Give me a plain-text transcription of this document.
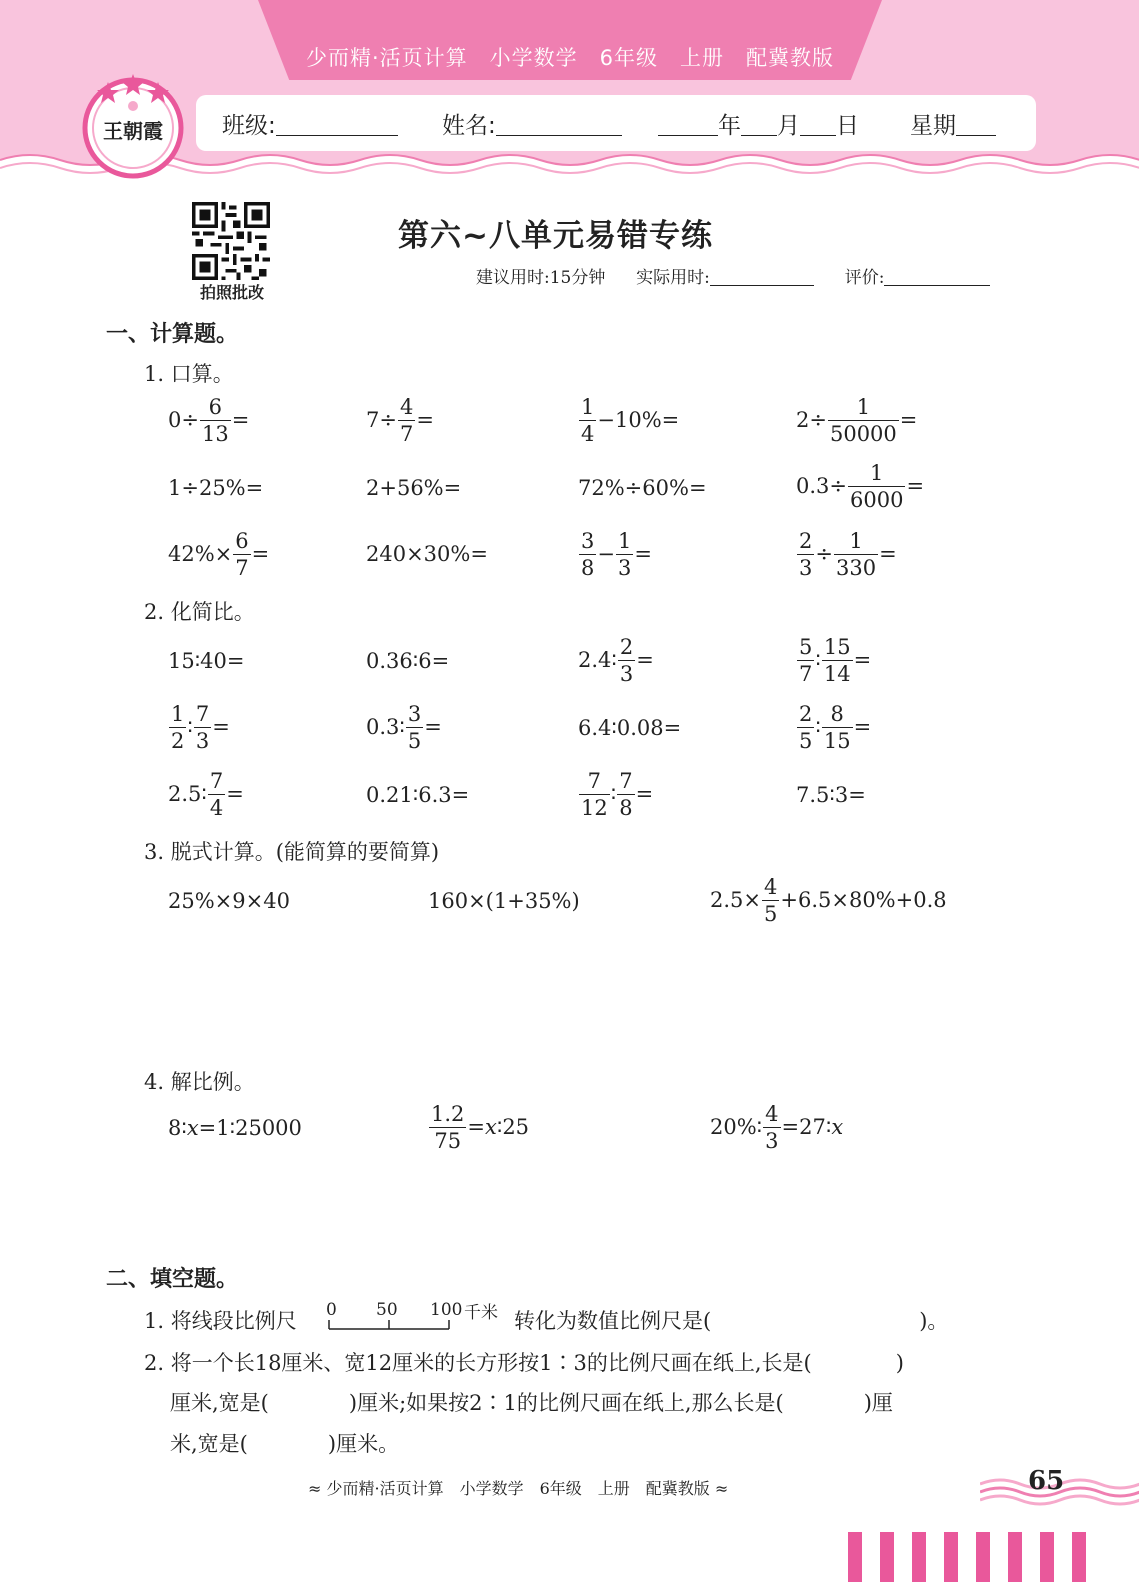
少而精·活页计算　小学数学　6年级　上册　配冀教版
班级:	姓名:	年 月 日 星期
王朝霞
拍照批改
第六~八单元易错专练
建议用时:15分钟 实际用时:	评价:
一、计算题。
1. 口算。
$0\div \frac{6}{13}$ =	$7\div \frac{4}{7}$ =	$\frac{1}{4} -10\%=$	$2\div \frac{1}{50000}$ =
1÷25%=	2+56%=	72%÷60%=	$0.3\div \frac{1}{6000}$ =
$42\%\times \frac{6}{7}$ =	240×30%=	$\frac{3}{8} - \frac{1}{3}$ =	$\frac{2}{3} \div \frac{1}{330}$ =
2. 化简比。
15∶40=	0.36∶6=	2.4∶ $\frac{2}{3}$ =	$\frac{5}{7}$ ∶ $\frac{15}{14}$ =
$\frac{1}{2}$ ∶ $\frac{7}{3}$ =	0.3∶ $\frac{3}{5}$ =	6.4∶0.08=	$\frac{2}{5}$ ∶ $\frac{8}{15}$ =
2.5∶ $\frac{7}{4}$ =	0.21∶6.3=	$\frac{7}{12}$ ∶ $\frac{7}{8}$ =	7.5∶3=
3. 脱式计算。(能简算的要简算)
25%×9×40	160×(1+35%)	$2.5\times \frac{4}{5} +6.5\times 80\%+0.8$
4. 解比例。
8∶x=1∶25000	$\frac{1.2}{75}$ =x∶25	20%∶ $\frac{4}{3}$ =27∶x
二、填空题。
1. 将线段比例尺 0 50 100 千米 转化为数值比例尺是(	)。
2. 将一个长18厘米、宽12厘米的长方形按1∶3的比例尺画在纸上,长是(	)
厘米,宽是(	)厘米;如果按2∶1的比例尺画在纸上,那么长是(	)厘
米,宽是(	)厘米。
≈ 少而精·活页计算　小学数学　6年级　上册　配冀教版 ≈	65
